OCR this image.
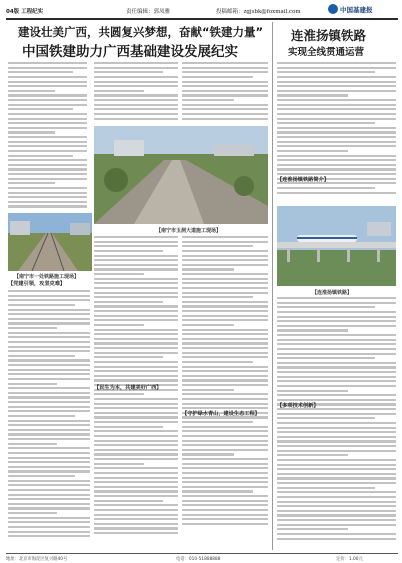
04版 工程纪实	责任编辑：郭凤雅	投稿邮箱：zgjsbk@foxmail.com	中国基建报
建设壮美广西，共圆复兴梦想，奋献“铁建力量”
中国铁建助力广西基础建设发展纪实
连淮扬镇铁路
实现全线贯通运营
【南宁市一处铁路施工现场】
【党建引领，攻坚克难】
【南宁市玉洞大道施工现场】
【民生为本，共建美好广西】
【守护绿水青山，建设生态工程】
【连淮扬镇铁路简介】
【连淮扬镇铁路】
【多项技术创新】
地址：北京市海淀区复兴路40号	电话：010-51888888	定价：1.00元
